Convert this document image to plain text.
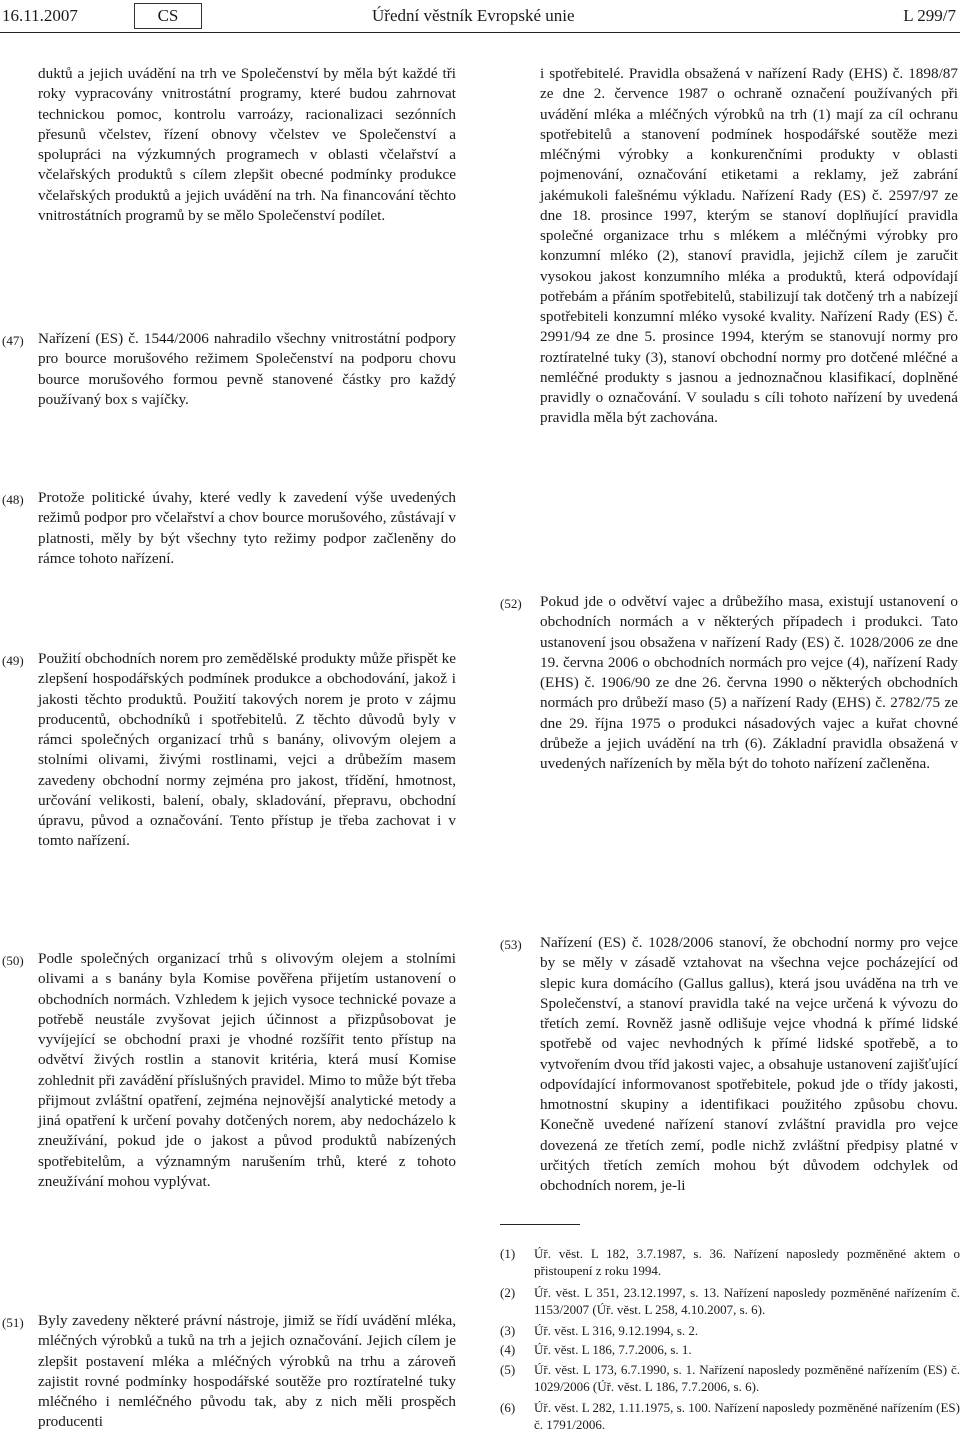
16.11.2007	CS	Úřední věstník Evropské unie	L 299/7
duktů a jejich uvádění na trh ve Společenství by měla být každé tři roky vypracovány vnitrostátní programy, které budou zahrnovat technickou pomoc, kontrolu varroázy, racionalizaci sezónních přesunů včelstev, řízení obnovy včelstev ve Společenství a spolupráci na výzkumných programech v oblasti včelařství a včelařských produktů s cílem zlepšit obecné podmínky produkce včelařských produktů a jejich uvádění na trh. Na financování těchto vnitrostátních programů by se mělo Společenství podílet.
(47) Nařízení (ES) č. 1544/2006 nahradilo všechny vnitrostátní podpory pro bource morušového režimem Společenství na podporu chovu bource morušového formou pevně stanovené částky pro každý používaný box s vajíčky.
(48) Protože politické úvahy, které vedly k zavedení výše uvedených režimů podpor pro včelařství a chov bource morušového, zůstávají v platnosti, měly by být všechny tyto režimy podpor začleněny do rámce tohoto nařízení.
(49) Použití obchodních norem pro zemědělské produkty může přispět ke zlepšení hospodářských podmínek produkce a obchodování, jakož i jakosti těchto produktů. Použití takových norem je proto v zájmu producentů, obchodníků i spotřebitelů. Z těchto důvodů byly v rámci společných organizací trhů s banány, olivovým olejem a stolními olivami, živými rostlinami, vejci a drůbežím masem zavedeny obchodní normy zejména pro jakost, třídění, hmotnost, určování velikosti, balení, obaly, skladování, přepravu, obchodní úpravu, původ a označování. Tento přístup je třeba zachovat i v tomto nařízení.
(50) Podle společných organizací trhů s olivovým olejem a stolními olivami a s banány byla Komise pověřena přijetím ustanovení o obchodních normách. Vzhledem k jejich vysoce technické povaze a potřebě neustále zvyšovat jejich účinnost a přizpůsobovat je vyvíjející se obchodní praxi je vhodné rozšířit tento přístup na odvětví živých rostlin a stanovit kritéria, která musí Komise zohlednit při zavádění příslušných pravidel. Mimo to může být třeba přijmout zvláštní opatření, zejména nejnovější analytické metody a jiná opatření k určení povahy dotčených norem, aby nedocházelo k zneužívání, pokud jde o jakost a původ produktů nabízených spotřebitelům, a významným narušením trhů, které z tohoto zneužívání mohou vyplývat.
(51) Byly zavedeny některé právní nástroje, jimiž se řídí uvádění mléka, mléčných výrobků a tuků na trh a jejich označování. Jejich cílem je zlepšit postavení mléka a mléčných výrobků na trhu a zároveň zajistit rovné podmínky hospodářské soutěže pro roztíratelné tuky mléčného i nemléčného původu tak, aby z nich měli prospěch producenti
i spotřebitelé. Pravidla obsažená v nařízení Rady (EHS) č. 1898/87 ze dne 2. července 1987 o ochraně označení používaných při uvádění mléka a mléčných výrobků na trh (1) mají za cíl ochranu spotřebitelů a stanovení podmínek hospodářské soutěže mezi mléčnými výrobky a konkurenčními produkty v oblasti pojmenování, označování etiketami a reklamy, jež zabrání jakémukoli falešnému výkladu. Nařízení Rady (ES) č. 2597/97 ze dne 18. prosince 1997, kterým se stanoví doplňující pravidla společné organizace trhu s mlékem a mléčnými výrobky pro konzumní mléko (2), stanoví pravidla, jejichž cílem je zaručit vysokou jakost konzumního mléka a produktů, která odpovídají potřebám a přáním spotřebitelů, stabilizují tak dotčený trh a nabízejí spotřebiteli konzumní mléko vysoké kvality. Nařízení Rady (ES) č. 2991/94 ze dne 5. prosince 1994, kterým se stanovují normy pro roztíratelné tuky (3), stanoví obchodní normy pro dotčené mléčné a nemléčné produkty s jasnou a jednoznačnou klasifikací, doplněné pravidly o označování. V souladu s cíli tohoto nařízení by uvedená pravidla měla být zachována.
(52) Pokud jde o odvětví vajec a drůbežího masa, existují ustanovení o obchodních normách a v některých případech i produkci. Tato ustanovení jsou obsažena v nařízení Rady (ES) č. 1028/2006 ze dne 19. června 2006 o obchodních normách pro vejce (4), nařízení Rady (EHS) č. 1906/90 ze dne 26. června 1990 o některých obchodních normách pro drůbeží maso (5) a nařízení Rady (EHS) č. 2782/75 ze dne 29. října 1975 o produkci násadových vajec a kuřat chovné drůbeže a jejich uvádění na trh (6). Základní pravidla obsažená v uvedených nařízeních by měla být do tohoto nařízení začleněna.
(53) Nařízení (ES) č. 1028/2006 stanoví, že obchodní normy pro vejce by se měly v zásadě vztahovat na všechna vejce pocházející od slepic kura domácího (Gallus gallus), která jsou uváděna na trh ve Společenství, a stanoví pravidla také na vejce určená k vývozu do třetích zemí. Rovněž jasně odlišuje vejce vhodná k přímé lidské spotřebě od vajec nevhodných k přímé lidské spotřebě, a to vytvořením dvou tříd jakosti vajec, a obsahuje ustanovení zajišťující odpovídající informovanost spotřebitele, pokud jde o třídy jakosti, hmotnostní skupiny a identifikaci použitého způsobu chovu. Konečně uvedené nařízení stanoví zvláštní pravidla pro vejce dovezená ze třetích zemí, podle nichž zvláštní předpisy platné v určitých třetích zemích mohou být důvodem odchylek od obchodních norem, je-li
(1)	Úř. věst. L 182, 3.7.1987, s. 36. Nařízení naposledy pozměněné aktem o přistoupení z roku 1994.
(2)	Úř. věst. L 351, 23.12.1997, s. 13. Nařízení naposledy pozměněné nařízením č. 1153/2007 (Úř. věst. L 258, 4.10.2007, s. 6).
(3)	Úř. věst. L 316, 9.12.1994, s. 2.
(4)	Úř. věst. L 186, 7.7.2006, s. 1.
(5)	Úř. věst. L 173, 6.7.1990, s. 1. Nařízení naposledy pozměněné nařízením (ES) č. 1029/2006 (Úř. věst. L 186, 7.7.2006, s. 6).
(6)	Úř. věst. L 282, 1.11.1975, s. 100. Nařízení naposledy pozměněné nařízením (ES) č. 1791/2006.
